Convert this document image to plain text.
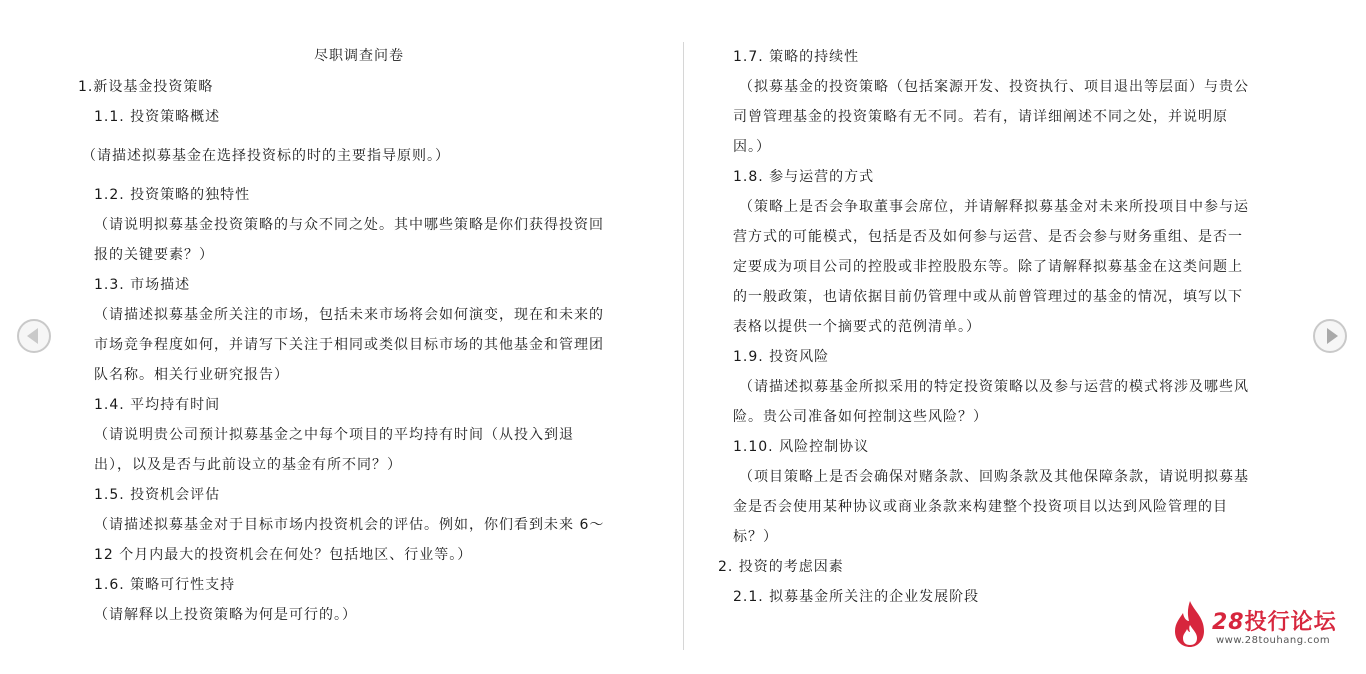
尽职调查问卷
1.新设基金投资策略
1.1. 投资策略概述
（请描述拟募基金在选择投资标的时的主要指导原则。）
1.2. 投资策略的独特性
（请说明拟募基金投资策略的与众不同之处。其中哪些策略是你们获得投资回
报的关键要素？）
1.3. 市场描述
（请描述拟募基金所关注的市场，包括未来市场将会如何演变，现在和未来的
市场竞争程度如何，并请写下关注于相同或类似目标市场的其他基金和管理团
队名称。相关行业研究报告）
1.4. 平均持有时间
（请说明贵公司预计拟募基金之中每个项目的平均持有时间（从投入到退
出），以及是否与此前设立的基金有所不同？）
1.5. 投资机会评估
（请描述拟募基金对于目标市场内投资机会的评估。例如，你们看到未来 6～
12 个月内最大的投资机会在何处？包括地区、行业等。）
1.6. 策略可行性支持
（请解释以上投资策略为何是可行的。）
1.7. 策略的持续性
（拟募基金的投资策略（包括案源开发、投资执行、项目退出等层面）与贵公
司曾管理基金的投资策略有无不同。若有，请详细阐述不同之处，并说明原
因。）
1.8. 参与运营的方式
（策略上是否会争取董事会席位，并请解释拟募基金对未来所投项目中参与运
营方式的可能模式，包括是否及如何参与运营、是否会参与财务重组、是否一
定要成为项目公司的控股或非控股股东等。除了请解释拟募基金在这类问题上
的一般政策，也请依据目前仍管理中或从前曾管理过的基金的情况，填写以下
表格以提供一个摘要式的范例清单。）
1.9. 投资风险
（请描述拟募基金所拟采用的特定投资策略以及参与运营的模式将涉及哪些风
险。贵公司准备如何控制这些风险？）
1.10. 风险控制协议
（项目策略上是否会确保对赌条款、回购条款及其他保障条款，请说明拟募基
金是否会使用某种协议或商业条款来构建整个投资项目以达到风险管理的目
标？）
2. 投资的考虑因素
2.1. 拟募基金所关注的企业发展阶段
28投行论坛
www.28touhang.com
